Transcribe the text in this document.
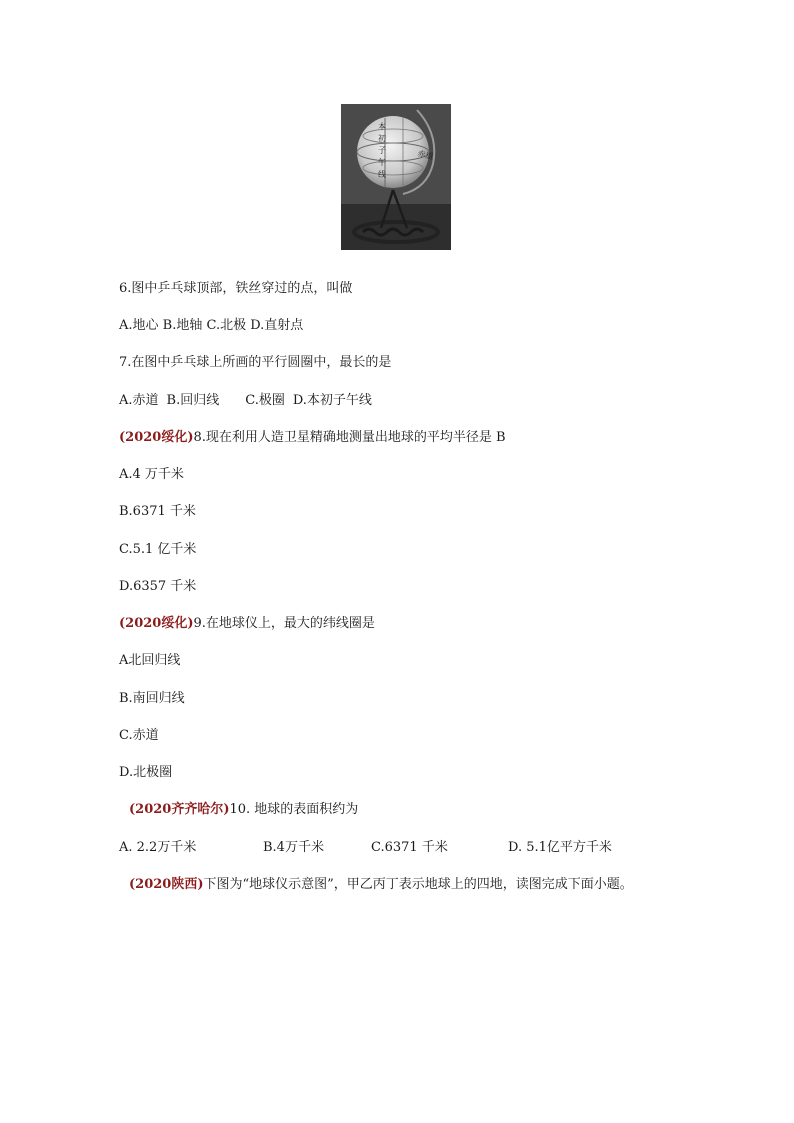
本
初
子
午
线
赤道
6.图中乒乓球顶部，铁丝穿过的点，叫做
A.地心 B.地轴 C.北极 D.直射点
7.在图中乒乓球上所画的平行圆圈中，最长的是
A.赤道 B.回归线 C.极圈 D.本初子午线
(2020绥化)8.现在利用人造卫星精确地测量出地球的平均半径是 B
A.4 万千米
B.6371 千米
C.5.1 亿千米
D.6357 千米
(2020绥化)9.在地球仪上，最大的纬线圈是
A北回归线
B.南回归线
C.赤道
D.北极圈
(2020齐齐哈尔)10. 地球的表面积约为
A. 2.2万千米	B.4万千米	C.6371 千米	D. 5.1亿平方千米
(2020陕西)下图为“地球仪示意图”，甲乙丙丁表示地球上的四地，读图完成下面小题。
